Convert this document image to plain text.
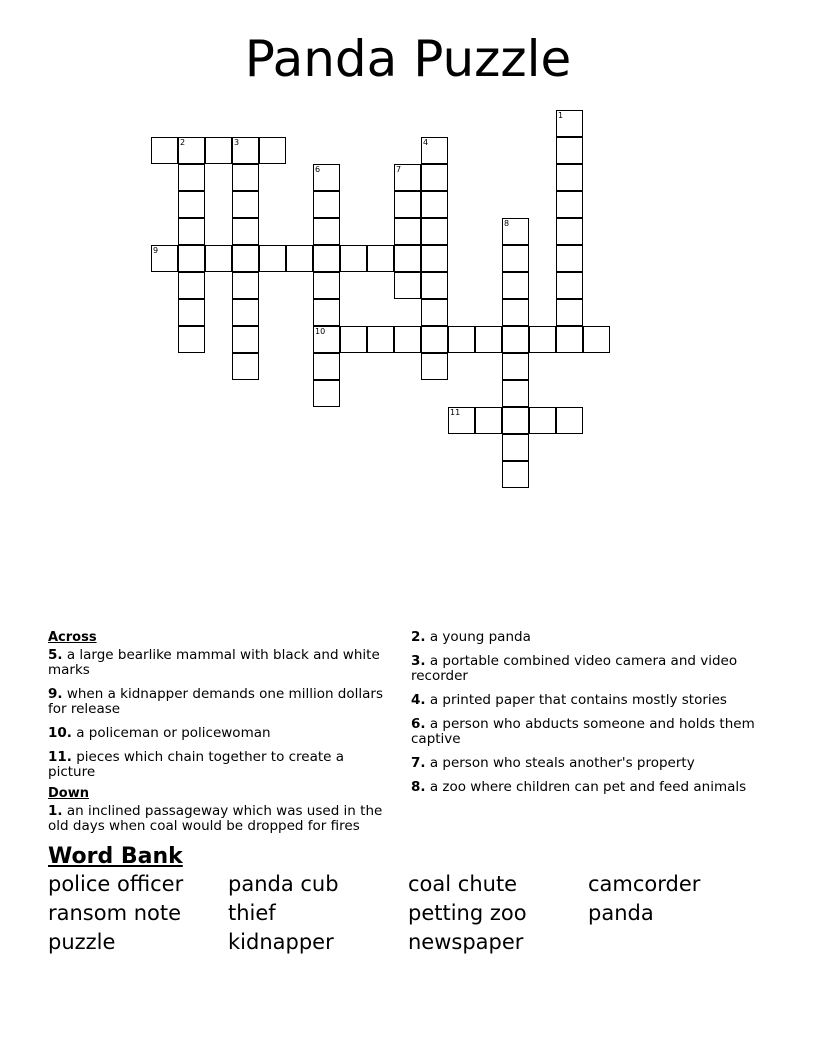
Panda Puzzle
1
2	3	4
6
10
7
8
9
11
Across
5. a large bearlike mammal with black and white marks
9. when a kidnapper demands one million dollars for release
10. a policeman or policewoman
11. pieces which chain together to create a picture
Down
1. an inclined passageway which was used in the old days when coal would be dropped for fires
2. a young panda
3. a portable combined video camera and video recorder
4. a printed paper that contains mostly stories
6. a person who abducts someone and holds them captive
7. a person who steals another's property
8. a zoo where children can pet and feed animals
Word Bank
police officer	panda cub	coal chute	camcorder
ransom note	thief	petting zoo	panda
puzzle	kidnapper	newspaper
